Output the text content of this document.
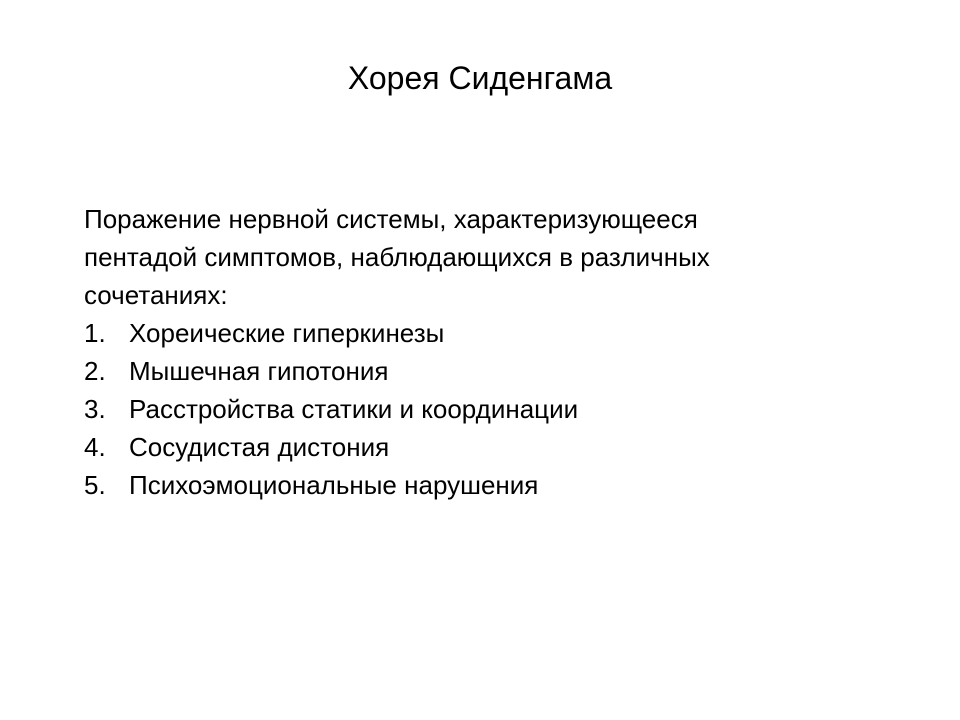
Хорея Сиденгама
Поражение нервной системы, характеризующееся
пентадой симптомов, наблюдающихся в различных
сочетаниях:
1. Хореические гиперкинезы
2. Мышечная гипотония
3. Расстройства статики и координации
4. Сосудистая дистония
5. Психоэмоциональные нарушения
